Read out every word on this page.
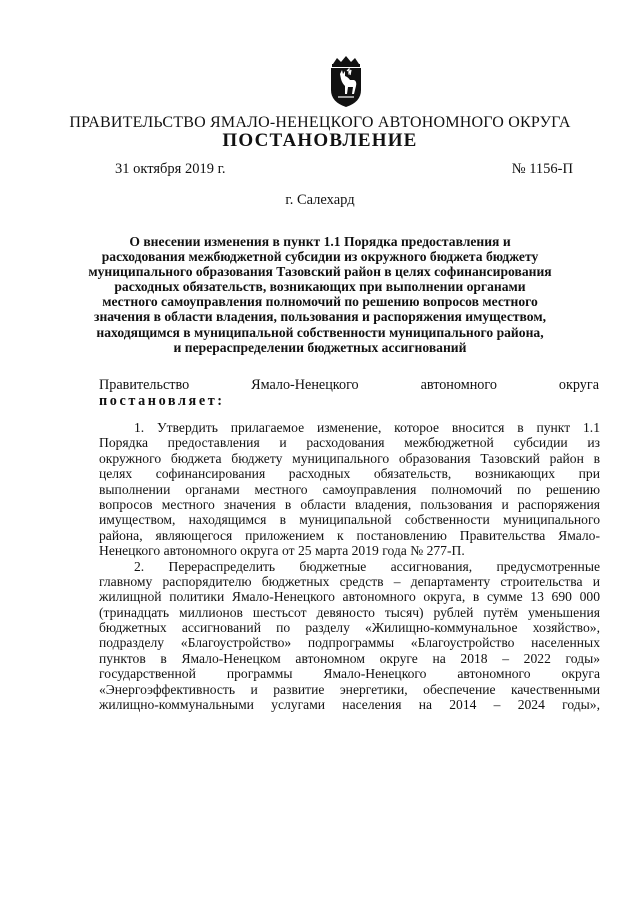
ПРАВИТЕЛЬСТВО ЯМАЛО-НЕНЕЦКОГО АВТОНОМНОГО ОКРУГА
ПОСТАНОВЛЕНИЕ
31 октября 2019 г.	№ 1156-П
г. Салехард
О внесении изменения в пункт 1.1 Порядка предоставления и
расходования межбюджетной субсидии из окружного бюджета бюджету
муниципального образования Тазовский район в целях софинансирования
расходных обязательств, возникающих при выполнении органами
местного самоуправления полномочий по решению вопросов местного
значения в области владения, пользования и распоряжения имуществом,
находящимся в муниципальной собственности муниципального района,
и перераспределении бюджетных ассигнований
Правительство	Ямало-Ненецкого	автономного	округа
постановляет:
1. Утвердить прилагаемое изменение, которое вносится в пункт 1.1
Порядка предоставления и расходования межбюджетной субсидии из
окружного бюджета бюджету муниципального образования Тазовский район в
целях софинансирования расходных обязательств, возникающих при
выполнении органами местного самоуправления полномочий по решению
вопросов местного значения в области владения, пользования и распоряжения
имуществом, находящимся в муниципальной собственности муниципального
района, являющегося приложением к постановлению Правительства Ямало-
Ненецкого автономного округа от 25 марта 2019 года № 277-П.
2. Перераспределить бюджетные ассигнования, предусмотренные
главному распорядителю бюджетных средств – департаменту строительства и
жилищной политики Ямало-Ненецкого автономного округа, в сумме 13 690 000
(тринадцать миллионов шестьсот девяносто тысяч) рублей путём уменьшения
бюджетных ассигнований по разделу «Жилищно-коммунальное хозяйство»,
подразделу «Благоустройство» подпрограммы «Благоустройство населенных
пунктов в Ямало-Ненецком автономном округе на 2018 – 2022 годы»
государственной программы Ямало-Ненецкого автономного округа
«Энергоэффективность и развитие энергетики, обеспечение качественными
жилищно-коммунальными услугами населения на 2014 – 2024 годы»,
